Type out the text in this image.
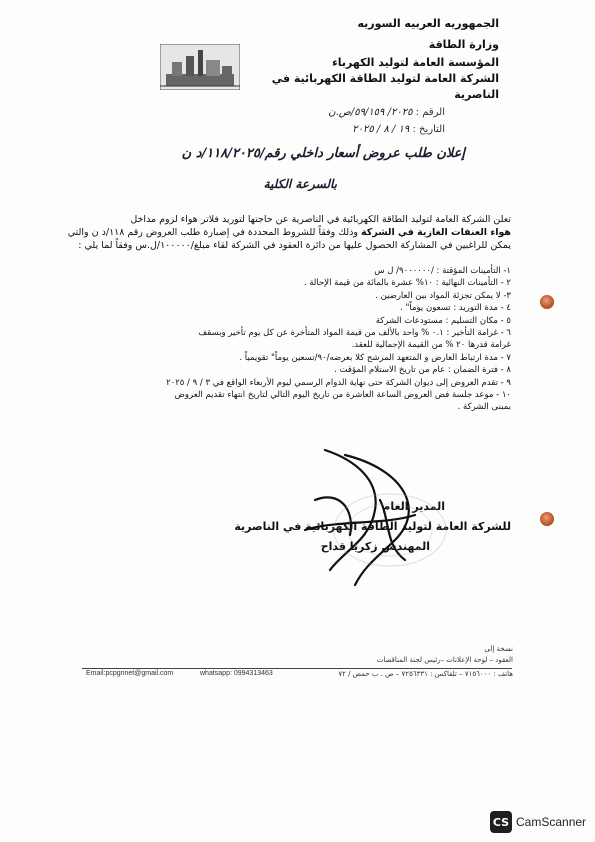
الجمهوريه العربيه السوريه
وزارة الطاقة
المؤسسة العامة لتوليد الكهرباء
الشركة العامة لتوليد الطاقة الكهربائية في
الناصرية
الرقم : ٢٠٢٥/ ٥٩/١٥٩/ص.ن
التاريخ : ١٩ / ٨ / ٢٠٢٥
إعلان طلب عروض أسعار داخلي رقم/١١٨/٢٠٢٥/د ن
بالسرعة الكلية
تعلن الشركة العامة لتوليد الطاقة الكهربائية في الناصرية عن حاجتها لتوريد فلاتر هواء لزوم مداخل
هواء العنفات الغازية في الشركة وذلك وفقاً للشروط المحددة في إضبارة طلب العروض رقم ١١٨/د ن والتي
يمكن للراغبين في المشاركة الحصول عليها من دائرة العقود في الشركة لقاء مبلغ/١٠٠٠٠٠/ل.س وفقاً لما يلي :
١- التأمينات المؤقتة : /٩٠٠٠٠٠٠/ ل س
٢ - التأمينات النهائية : ١٠% عشرة بالمائة من قيمة الإحالة .
٣- لا يمكن تجزئة المواد بين العارضين .
٤ - مدة التوريد : تسعون يوماً" .
٥ - مكان التسليم : مستودعات الشركة
٦ - غرامة التأخير : ٠.١ % واحد بالألف من قيمة المواد المتأخرة عن كل يوم تأخير وبسقف
غرامة قدرها ٢٠ % من القيمة الإجمالية للعقد.
٧ - مدة ارتباط العارض و المتعهد المرشح كلا بعرضه/٩٠/تسعين يوماً" تقويمياً .
٨ - فترة الضمان : عام من تاريخ الاستلام المؤقت .
٩ - تقدم العروض إلى ديوان الشركة حتى نهاية الدوام الرسمي ليوم الأربعاء الواقع في ٣ / ٩ / ٢٠٢٥
١٠ - موعد جلسة فض العروض الساعة العاشرة من تاريخ اليوم التالي لتاريخ انتهاء تقديم العروض
بمبنى الشركة .
المدير العام
للشركة العامة لتوليد الطاقة الكهربائية في الناصرية
المهندس زكريا قداح
نسخة إلى
العقود – لوحة الإعلانات –رئيس لجنة المناقصات
Email:pcpgnnet@gmail.com	whatsapp: 0994313463	هاتف : ٧١٥٦٠٠٠ – تلفاكس : ٧٢٥٦٣٣١ – ص . ب حمص / ٧٢
CS CamScanner
